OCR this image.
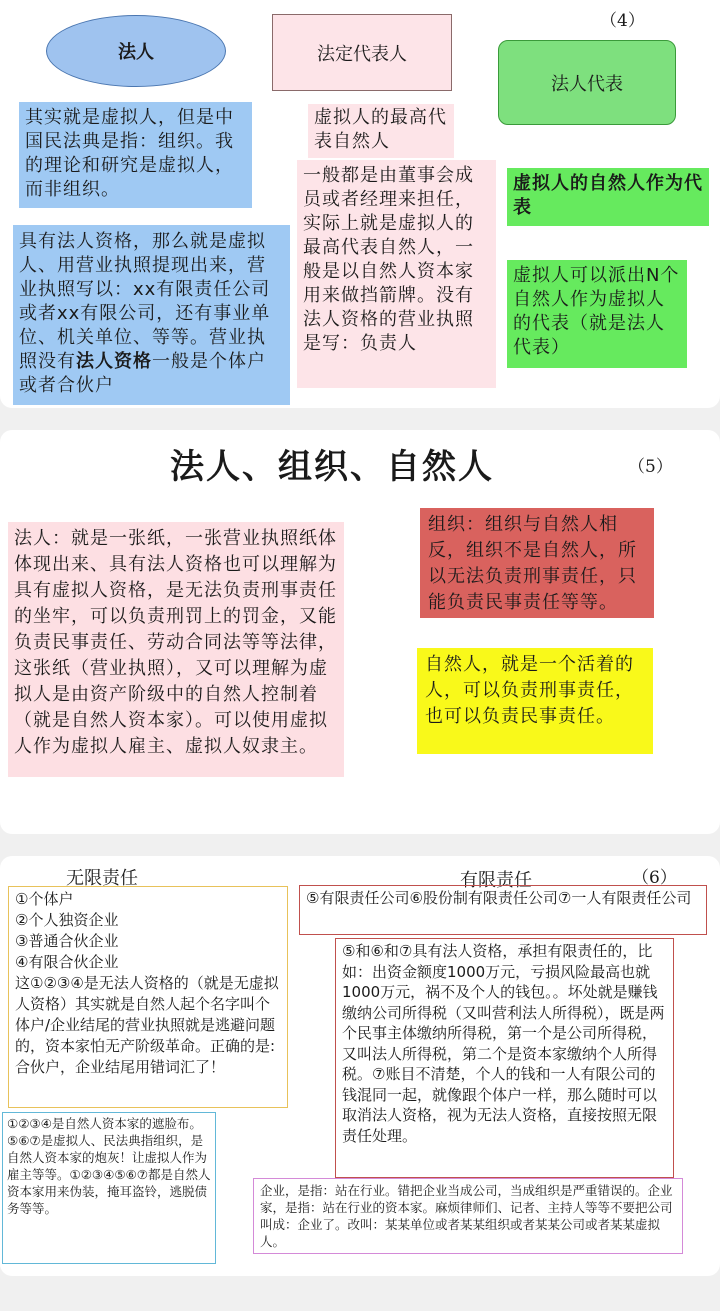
（4）
法人	法定代表人
法人代表
其实就是虚拟人，但是中国民法典是指：组织。我的理论和研究是虚拟人，而非组织。
具有法人资格，那么就是虚拟人、用营业执照提现出来，营业执照写以：xx有限责任公司或者xx有限公司，还有事业单位、机关单位、等等。营业执照没有法人资格一般是个体户或者合伙户
虚拟人的最高代表自然人
一般都是由董事会成员或者经理来担任，实际上就是虚拟人的最高代表自然人，一般是以自然人资本家用来做挡箭牌。没有法人资格的营业执照是写：负责人
虚拟人的自然人作为代表
虚拟人可以派出N个自然人作为虚拟人的代表（就是法人代表）
法人、组织、自然人	（5）
法人：就是一张纸，一张营业执照纸体体现出来、具有法人资格也可以理解为具有虚拟人资格，是无法负责刑事责任的坐牢，可以负责刑罚上的罚金，又能负责民事责任、劳动合同法等等法律，这张纸（营业执照），又可以理解为虚拟人是由资产阶级中的自然人控制着（就是自然人资本家）。可以使用虚拟人作为虚拟人雇主、虚拟人奴隶主。
组织：组织与自然人相反，组织不是自然人，所以无法负责刑事责任，只能负责民事责任等等。
自然人，就是一个活着的人，可以负责刑事责任，也可以负责民事责任。
无限责任	有限责任	（6）
①个体户
②个人独资企业
③普通合伙企业
④有限合伙企业
这①②③④是无法人资格的（就是无虚拟人资格）其实就是自然人起个名字叫个体户/企业结尾的营业执照就是逃避问题的，资本家怕无产阶级革命。正确的是:合伙户，企业结尾用错词汇了！
①②③④是自然人资本家的遮脸布。⑤⑥⑦是虚拟人、民法典指组织，是自然人资本家的炮灰！让虚拟人作为雇主等等。①②③④⑤⑥⑦都是自然人资本家用来伪装，掩耳盗铃，逃脱债务等等。
⑤有限责任公司⑥股份制有限责任公司⑦一人有限责任公司
⑤和⑥和⑦具有法人资格，承担有限责任的，比如：出资金额度1000万元，亏损风险最高也就1000万元，祸不及个人的钱包。。坏处就是赚钱缴纳公司所得税（又叫营利法人所得税），既是两个民事主体缴纳所得税，第一个是公司所得税，又叫法人所得税，第二个是资本家缴纳个人所得税。⑦账目不清楚，个人的钱和一人有限公司的钱混同一起，就像跟个体户一样，那么随时可以取消法人资格，视为无法人资格，直接按照无限责任处理。
企业，是指：站在行业。错把企业当成公司，当成组织是严重错误的。企业家，是指：站在行业的资本家。麻烦律师们、记者、主持人等等不要把公司叫成：企业了。改叫：某某单位或者某某组织或者某某公司或者某某虚拟人。
